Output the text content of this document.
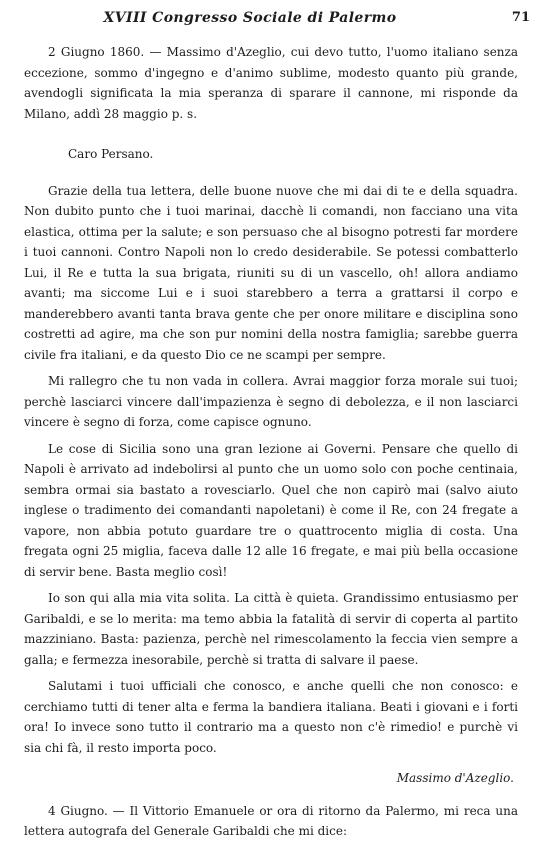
XVIII Congresso Sociale di Palermo	71

2 Giugno 1860. — Massimo d'Azeglio, cui devo tutto, l'uomo italiano senza eccezione, sommo d'ingegno e d'animo sublime, modesto quanto più grande, avendogli significata la mia speranza di sparare il cannone, mi risponde da Milano, addì 28 maggio p. s.

Caro Persano.

Grazie della tua lettera, delle buone nuove che mi dai di te e della squadra. Non dubito punto che i tuoi marinai, dacchè li comandi, non facciano una vita elastica, ottima per la salute; e son persuaso che al bisogno potresti far mordere i tuoi cannoni. Contro Napoli non lo credo desiderabile. Se potessi combatterlo Lui, il Re e tutta la sua brigata, riuniti su di un vascello, oh! allora andiamo avanti; ma siccome Lui e i suoi starebbero a terra a grattarsi il corpo e manderebbero avanti tanta brava gente che per onore militare e disciplina sono costretti ad agire, ma che son pur nomini della nostra famiglia; sarebbe guerra civile fra italiani, e da questo Dio ce ne scampi per sempre.

Mi rallegro che tu non vada in collera. Avrai maggior forza morale sui tuoi; perchè lasciarci vincere dall'impazienza è segno di debolezza, e il non lasciarci vincere è segno di forza, come capisce ognuno.

Le cose di Sicilia sono una gran lezione ai Governi. Pensare che quello di Napoli è arrivato ad indebolirsi al punto che un uomo solo con poche centinaia, sembra ormai sia bastato a rovesciarlo. Quel che non capirò mai (salvo aiuto inglese o tradimento dei comandanti napoletani) è come il Re, con 24 fregate a vapore, non abbia potuto guardare tre o quattrocento miglia di costa. Una fregata ogni 25 miglia, faceva dalle 12 alle 16 fregate, e mai più bella occasione di servir bene. Basta meglio così!

Io son qui alla mia vita solita. La città è quieta. Grandissimo entusiasmo per Garibaldi, e se lo merita: ma temo abbia la fatalità di servir di coperta al partito mazziniano. Basta: pazienza, perchè nel rimescolamento la feccia vien sempre a galla; e fermezza inesorabile, perchè si tratta di salvare il paese.

Salutami i tuoi ufficiali che conosco, e anche quelli che non conosco: e cerchiamo tutti di tener alta e ferma la bandiera italiana. Beati i giovani e i forti ora! Io invece sono tutto il contrario ma a questo non c'è rimedio! e purchè vi sia chi fà, il resto importa poco.

Massimo d'Azeglio.

4 Giugno. — Il Vittorio Emanuele or ora di ritorno da Palermo, mi reca una lettera autografa del Generale Garibaldi che mi dice:
